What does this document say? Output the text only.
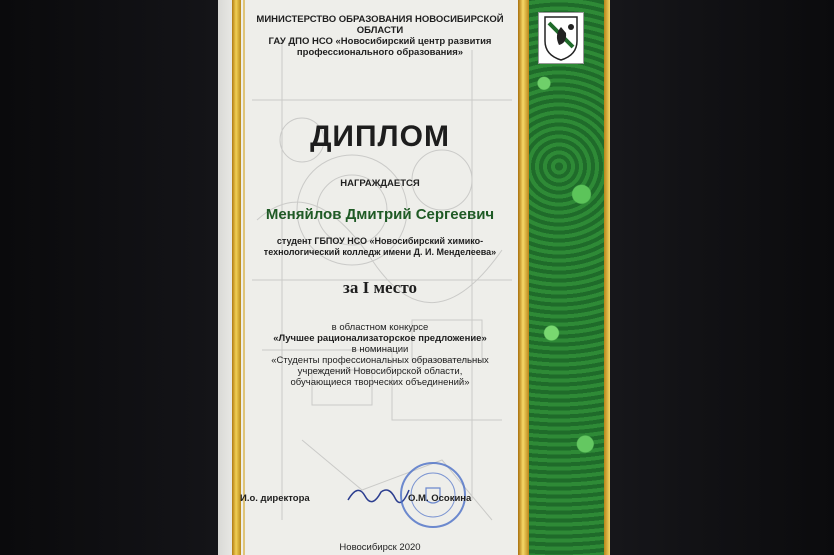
МИНИСТЕРСТВО ОБРАЗОВАНИЯ НОВОСИБИРСКОЙ ОБЛАСТИ
ГАУ ДПО НСО «Новосибирский центр развития
профессионального образования»
ДИПЛОМ
НАГРАЖДАЕТСЯ
Меняйлов Дмитрий Сергеевич
студент ГБПОУ НСО «Новосибирский химико-
технологический колледж имени Д. И. Менделеева»
за I место
в областном конкурсе
«Лучшее рационализаторское предложение»
в номинации
«Студенты профессиональных образовательных
учреждений Новосибирской области,
обучающиеся творческих объединений»
И.о. директора	О.М. Осокина
Новосибирск 2020
